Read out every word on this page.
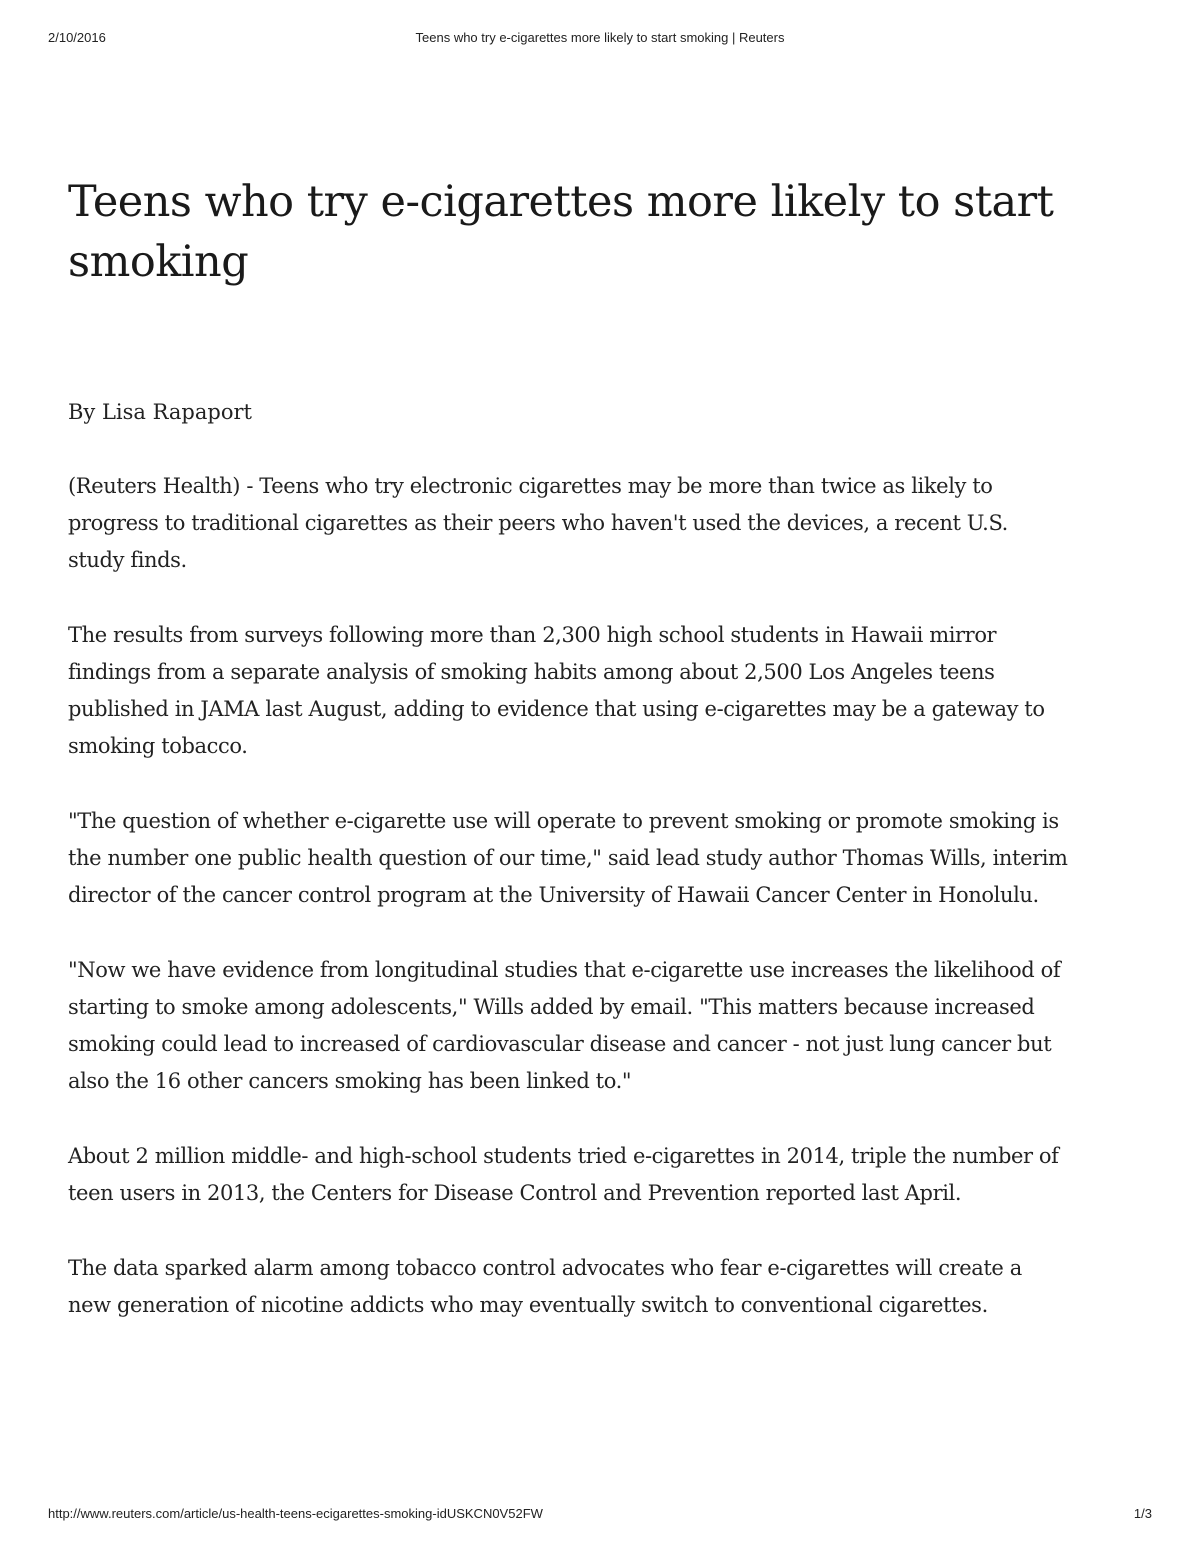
2/10/2016	Teens who try e-cigarettes more likely to start smoking | Reuters
Teens who try e-cigarettes more likely to start smoking

By Lisa Rapaport

(Reuters Health) - Teens who try electronic cigarettes may be more than twice as likely to progress to traditional cigarettes as their peers who haven't used the devices, a recent U.S. study finds.

The results from surveys following more than 2,300 high school students in Hawaii mirror findings from a separate analysis of smoking habits among about 2,500 Los Angeles teens published in JAMA last August, adding to evidence that using e-cigarettes may be a gateway to smoking tobacco.

"The question of whether e-cigarette use will operate to prevent smoking or promote smoking is the number one public health question of our time," said lead study author Thomas Wills, interim director of the cancer control program at the University of Hawaii Cancer Center in Honolulu.

"Now we have evidence from longitudinal studies that e-cigarette use increases the likelihood of starting to smoke among adolescents," Wills added by email. "This matters because increased smoking could lead to increased of cardiovascular disease and cancer - not just lung cancer but also the 16 other cancers smoking has been linked to."

About 2 million middle- and high-school students tried e-cigarettes in 2014, triple the number of teen users in 2013, the Centers for Disease Control and Prevention reported last April.

The data sparked alarm among tobacco control advocates who fear e-cigarettes will create a new generation of nicotine addicts who may eventually switch to conventional cigarettes.

http://www.reuters.com/article/us-health-teens-ecigarettes-smoking-idUSKCN0V52FW	1/3
